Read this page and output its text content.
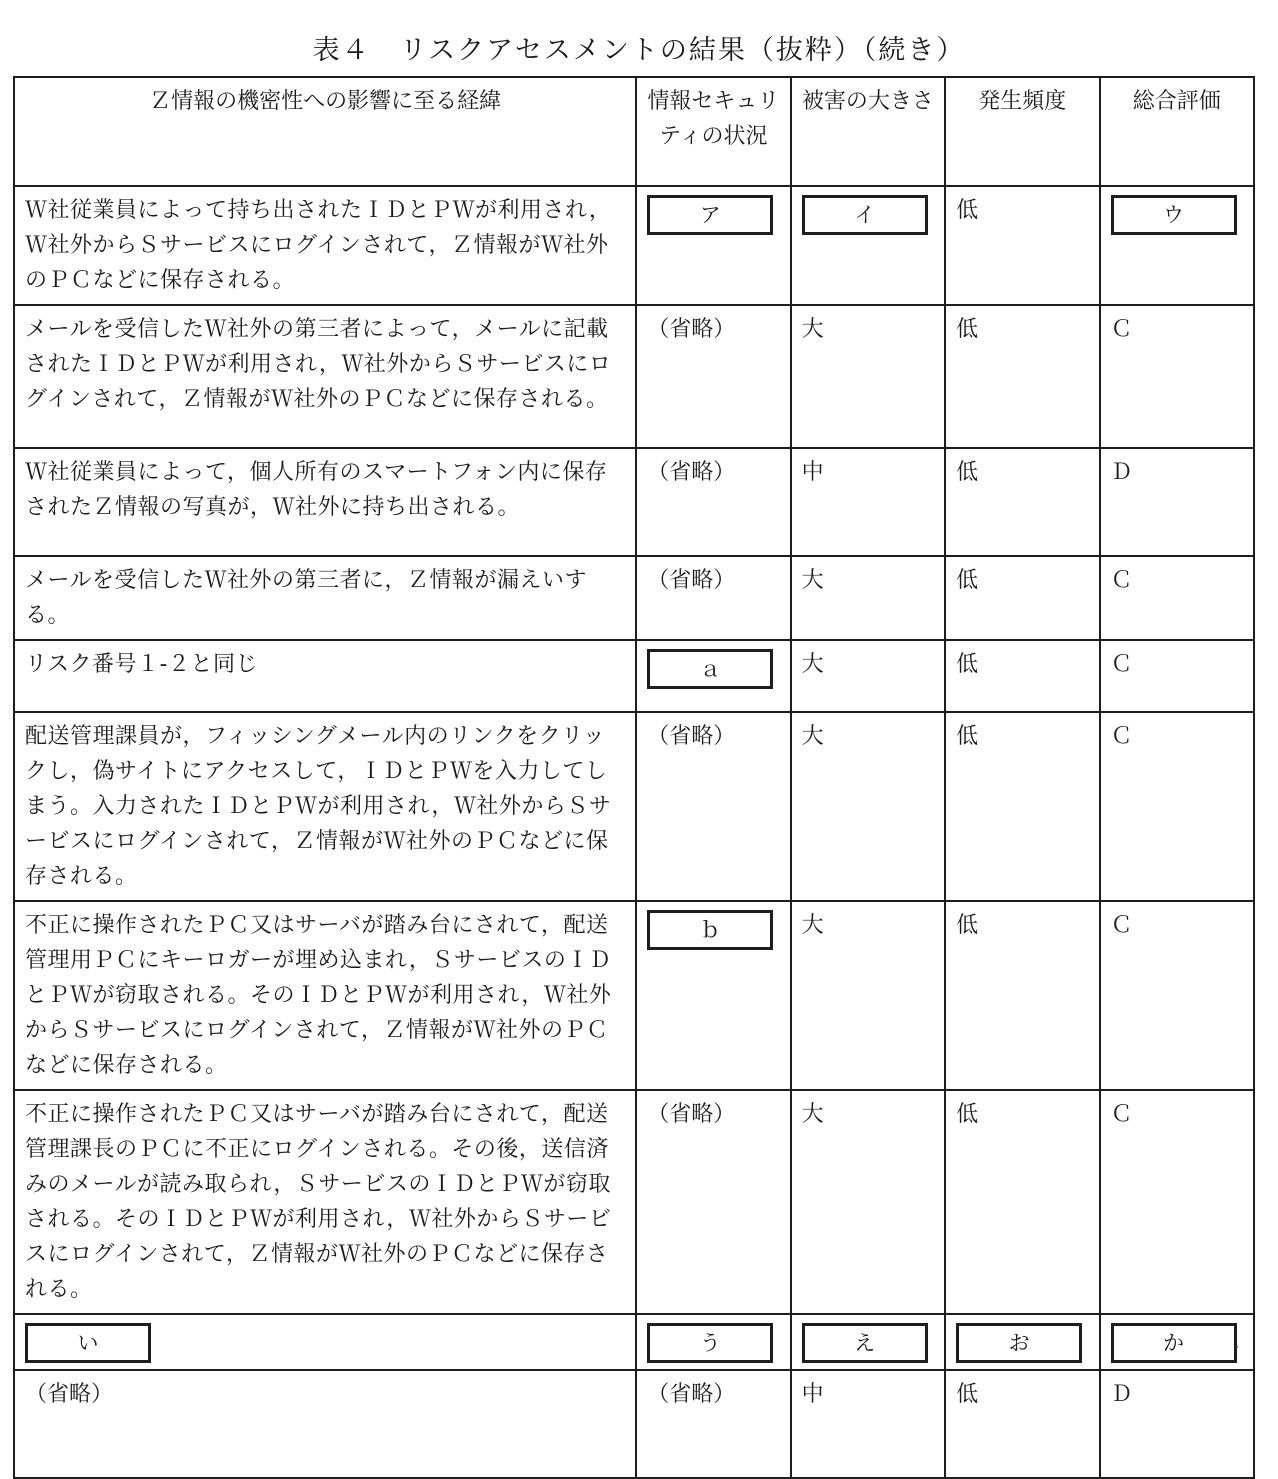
表４　リスクアセスメントの結果（抜粋）（続き）
Ｚ情報の機密性への影響に至る経緯	情報セキュリティの状況	被害の大きさ	発生頻度	総合評価
Ｗ社従業員によって持ち出されたＩＤとＰＷが利用され，Ｗ社外からＳサービスにログインされて，Ｚ情報がＷ社外のＰＣなどに保存される。	ア	イ	低	ウ
メールを受信したＷ社外の第三者によって，メールに記載されたＩＤとＰＷが利用され，Ｗ社外からＳサービスにログインされて，Ｚ情報がＷ社外のＰＣなどに保存される。	（省略）	大	低	Ｃ
Ｗ社従業員によって，個人所有のスマートフォン内に保存されたＺ情報の写真が，Ｗ社外に持ち出される。	（省略）	中	低	Ｄ
メールを受信したＷ社外の第三者に，Ｚ情報が漏えいする。	（省略）	大	低	Ｃ
リスク番号１-２と同じ	ａ	大	低	Ｃ
配送管理課員が，フィッシングメール内のリンクをクリックし，偽サイトにアクセスして，ＩＤとＰＷを入力してしまう。入力されたＩＤとＰＷが利用され，Ｗ社外からＳサービスにログインされて，Ｚ情報がＷ社外のＰＣなどに保存される。	（省略）	大	低	Ｃ
不正に操作されたＰＣ又はサーバが踏み台にされて，配送管理用ＰＣにキーロガーが埋め込まれ，ＳサービスのＩＤとＰＷが窃取される。そのＩＤとＰＷが利用され，Ｗ社外からＳサービスにログインされて，Ｚ情報がＷ社外のＰＣなどに保存される。	ｂ	大	低	Ｃ
不正に操作されたＰＣ又はサーバが踏み台にされて，配送管理課長のＰＣに不正にログインされる。その後，送信済みのメールが読み取られ，ＳサービスのＩＤとＰＷが窃取される。そのＩＤとＰＷが利用され，Ｗ社外からＳサービスにログインされて，Ｚ情報がＷ社外のＰＣなどに保存される。	（省略）	大	低	Ｃ
い	う	え	お	か
（省略）	（省略）	中	低	Ｄ
